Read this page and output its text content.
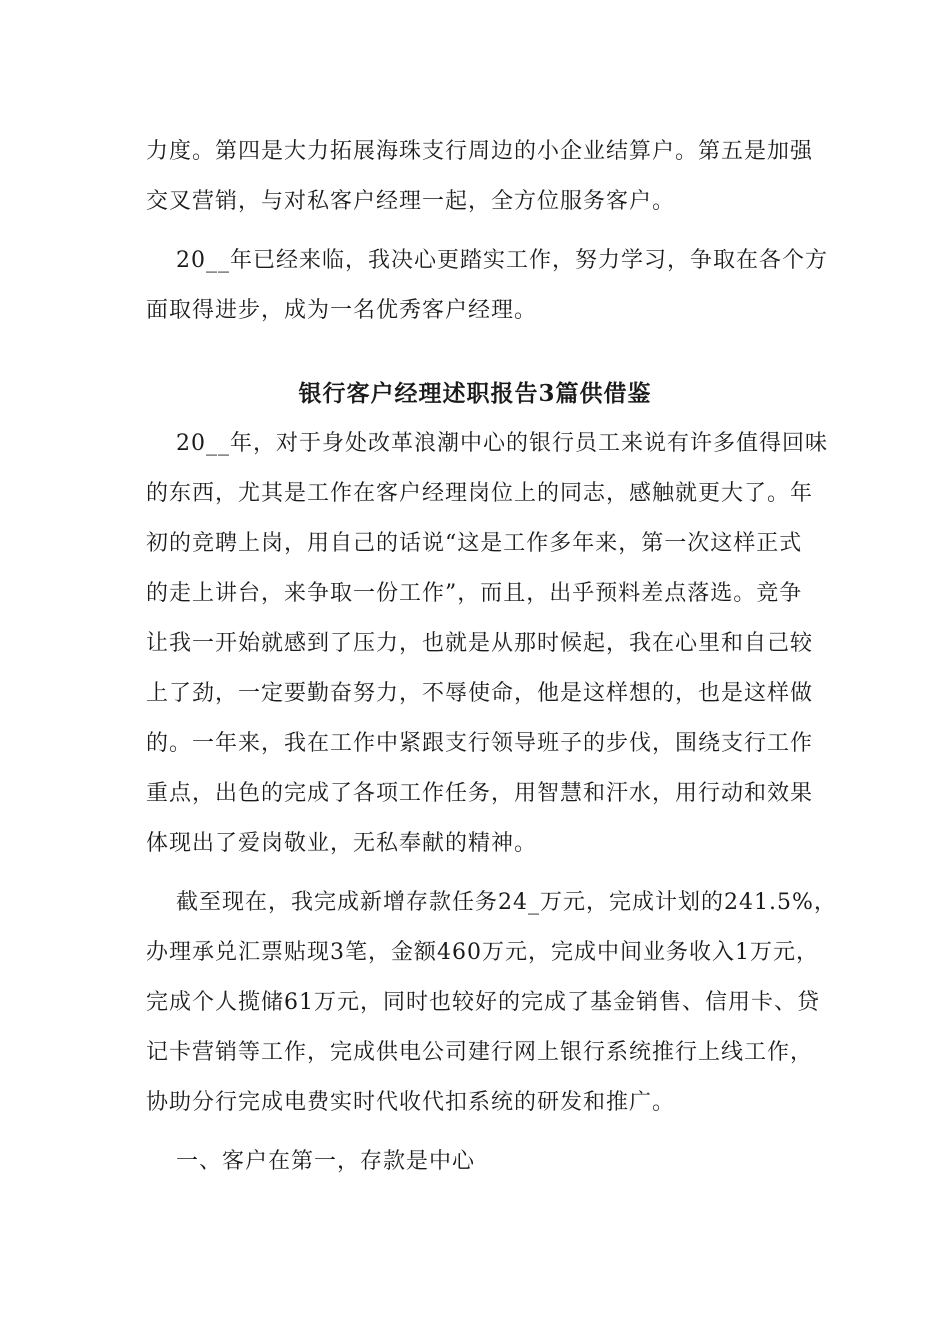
力度。第四是大力拓展海珠支行周边的小企业结算户。第五是加强
交叉营销，与对私客户经理一起，全方位服务客户。
20__年已经来临，我决心更踏实工作，努力学习，争取在各个方
面取得进步，成为一名优秀客户经理。
银行客户经理述职报告3篇供借鉴
20__年，对于身处改革浪潮中心的银行员工来说有许多值得回味
的东西，尤其是工作在客户经理岗位上的同志，感触就更大了。年
初的竞聘上岗，用自己的话说“这是工作多年来，第一次这样正式
的走上讲台，来争取一份工作”，而且，出乎预料差点落选。竞争
让我一开始就感到了压力，也就是从那时候起，我在心里和自己较
上了劲，一定要勤奋努力，不辱使命，他是这样想的，也是这样做
的。一年来，我在工作中紧跟支行领导班子的步伐，围绕支行工作
重点，出色的完成了各项工作任务，用智慧和汗水，用行动和效果
体现出了爱岗敬业，无私奉献的精神。
截至现在，我完成新增存款任务24_万元，完成计划的241.5%，
办理承兑汇票贴现3笔，金额460万元，完成中间业务收入1万元，
完成个人揽储61万元，同时也较好的完成了基金销售、信用卡、贷
记卡营销等工作，完成供电公司建行网上银行系统推行上线工作，
协助分行完成电费实时代收代扣系统的研发和推广。
一、客户在第一，存款是中心
